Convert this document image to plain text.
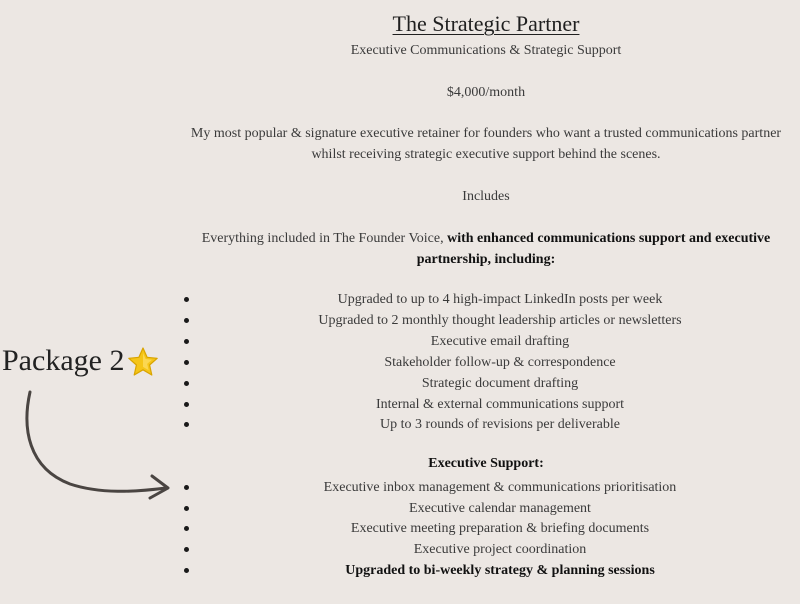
The Strategic Partner
Executive Communications & Strategic Support
$4,000/month
My most popular & signature executive retainer for founders who want a trusted communications partner whilst receiving strategic executive support behind the scenes.
Includes
Everything included in The Founder Voice, with enhanced communications support and executive partnership, including:
Upgraded to up to 4 high-impact LinkedIn posts per week
Upgraded to 2 monthly thought leadership articles or newsletters
Executive email drafting
Stakeholder follow-up & correspondence
Strategic document drafting
Internal & external communications support
Up to 3 rounds of revisions per deliverable
Executive Support:
Executive inbox management & communications prioritisation
Executive calendar management
Executive meeting preparation & briefing documents
Executive project coordination
Upgraded to bi-weekly strategy & planning sessions
Package 2
